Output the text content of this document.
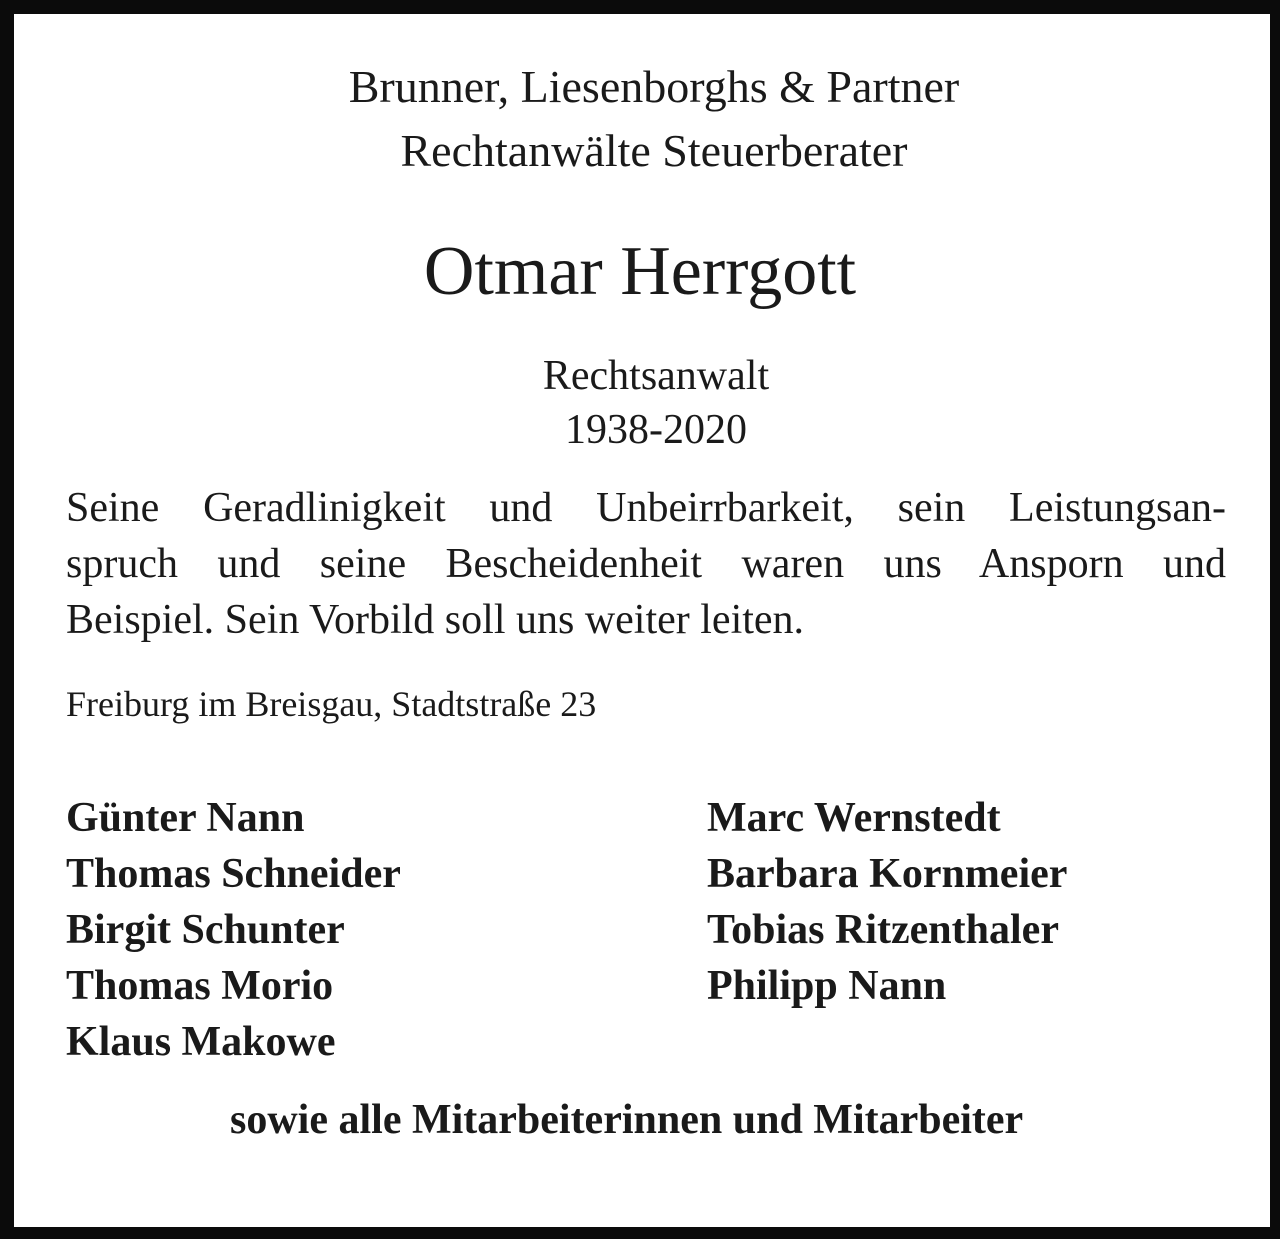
Brunner, Liesenborghs & Partner

Rechtanwälte Steuerberater

Otmar Herrgott

Rechtsanwalt

1938-2020

Seine Geradlinigkeit und Unbeirrbarkeit, sein Leistungsan-

spruch und seine Bescheidenheit waren uns Ansporn und

Beispiel. Sein Vorbild soll uns weiter leiten.

Freiburg im Breisgau, Stadtstraße 23

Günter Nann
Thomas Schneider
Birgit Schunter
Thomas Morio
Klaus Makowe
Marc Wernstedt
Barbara Kornmeier
Tobias Ritzenthaler
Philipp Nann

sowie alle Mitarbeiterinnen und Mitarbeiter
